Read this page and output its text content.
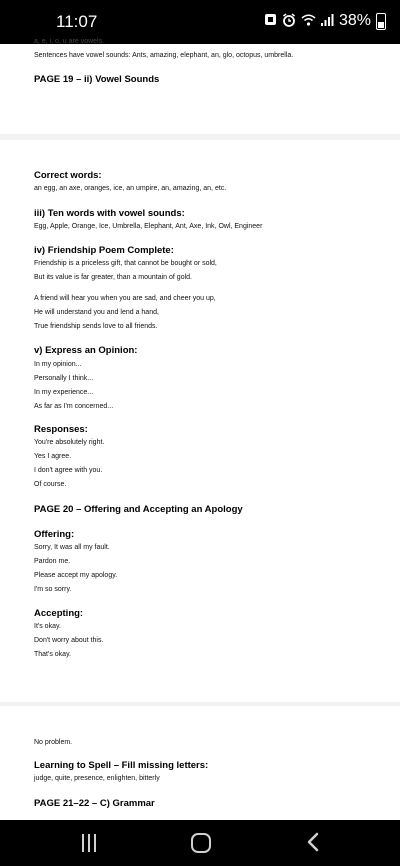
11:07	38%
a, e, i, o, u are vowels.
Sentences have vowel sounds: Ants, amazing, elephant, an, glo, octopus, umbrella.
PAGE 19 – ii) Vowel Sounds
Correct words:
an egg, an axe, oranges, ice, an umpire, an, amazing, an, etc.
iii) Ten words with vowel sounds:
Egg, Apple, Orange, Ice, Umbrella, Elephant, Ant, Axe, Ink, Owl, Engineer
iv) Friendship Poem Complete:
Friendship is a priceless gift, that cannot be bought or sold,
But its value is far greater, than a mountain of gold.
A friend will hear you when you are sad, and cheer you up,
He will understand you and lend a hand,
True friendship sends love to all friends.
v) Express an Opinion:
In my opinion...
Personally I think...
In my experience...
As far as I'm concerned...
Responses:
You're absolutely right.
Yes I agree.
I don't agree with you.
Of course.
PAGE 20 – Offering and Accepting an Apology
Offering:
Sorry, It was all my fault.
Pardon me.
Please accept my apology.
I'm so sorry.
Accepting:
It's okay.
Don't worry about this.
That's okay.
No problem.
Learning to Spell – Fill missing letters:
judge, quite, presence, enlighten, bitterly
PAGE 21–22 – C) Grammar
